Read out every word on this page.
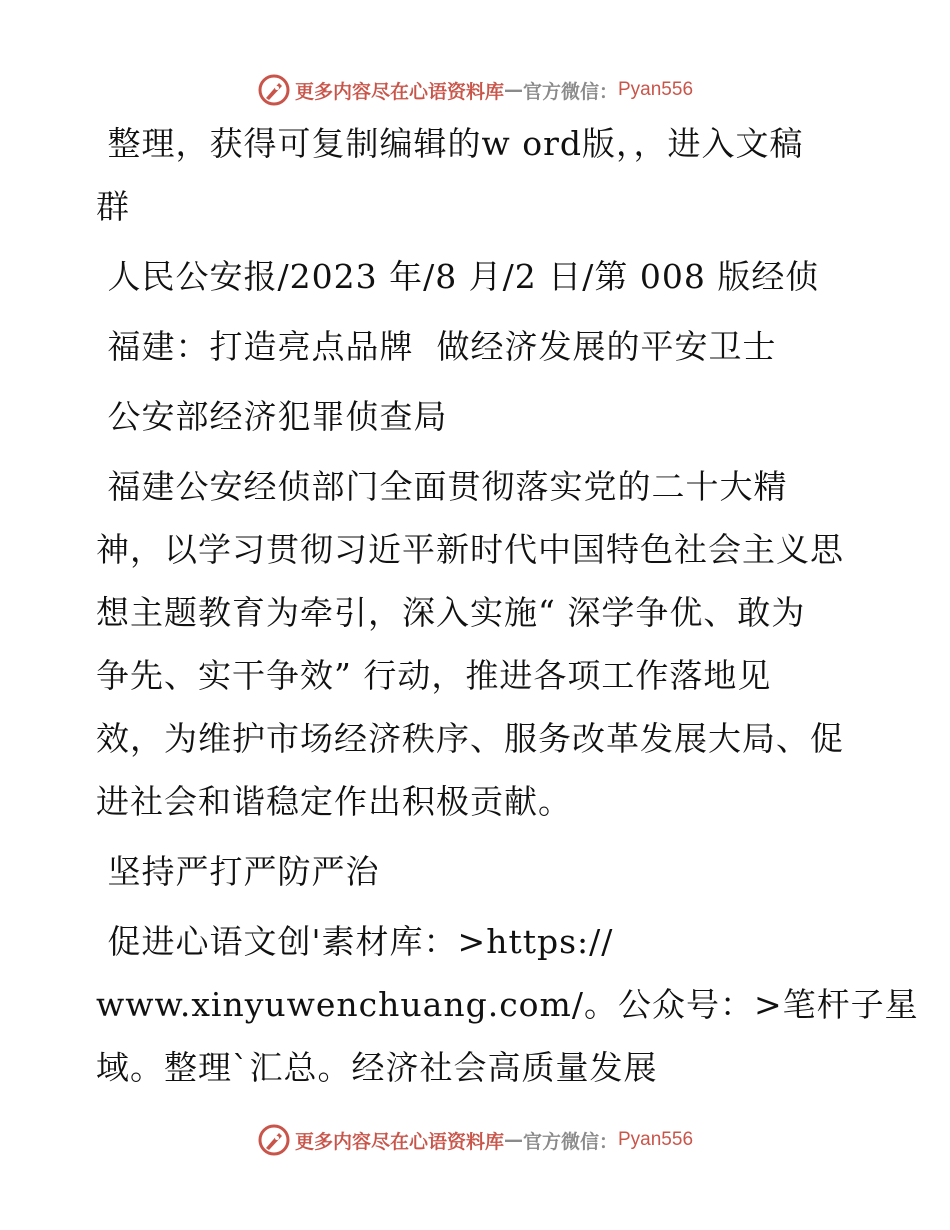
更多内容尽在心语资料库 — 官方微信： Pyan556
整理，获得可复制编辑的w ord版，，进入文稿
群
人民公安报/2023 年/8 月/2 日/第 008 版经侦
福建：打造亮点品牌  做经济发展的平安卫士
公安部经济犯罪侦查局
福建公安经侦部门全面贯彻落实党的二十大精
神，以学习贯彻习近平新时代中国特色社会主义思
想主题教育为牵引，深入实施“ 深学争优、敢为
争先、实干争效” 行动，推进各项工作落地见
效，为维护市场经济秩序、服务改革发展大局、促
进社会和谐稳定作出积极贡献。
坚持严打严防严治
促进心语文创'素材库：>https://
www.xinyuwenchuang.com/。公众号：>笔杆子星
域。整理`汇总。经济社会高质量发展
更多内容尽在心语资料库 — 官方微信： Pyan556
